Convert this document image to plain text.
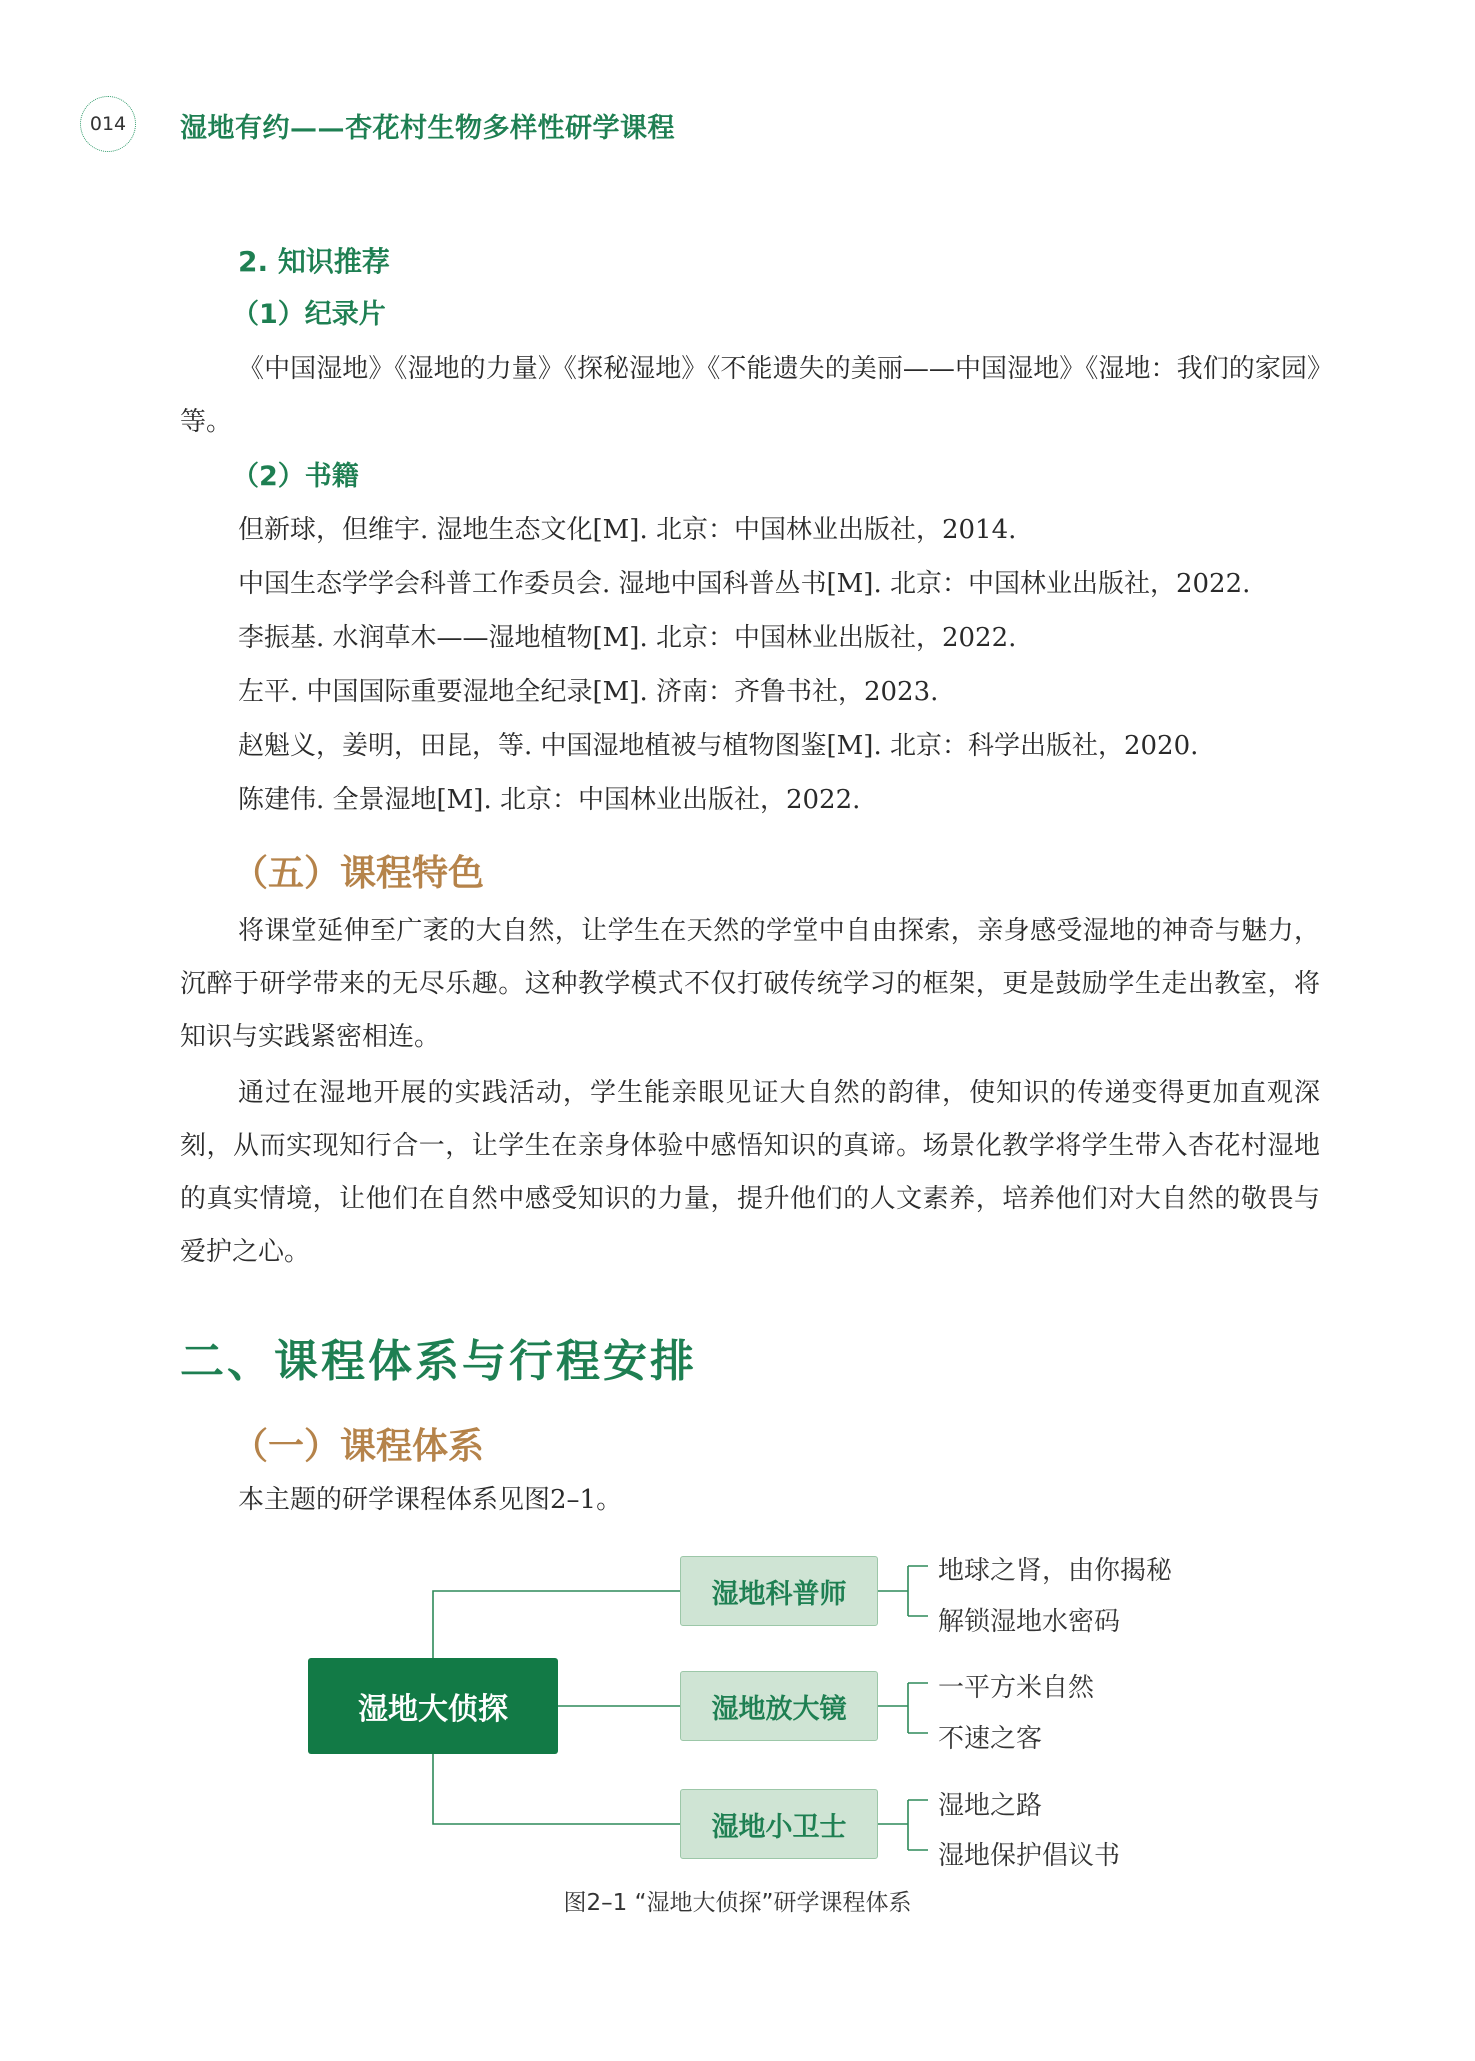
014	湿地有约——杏花村生物多样性研学课程
2. 知识推荐
（1）纪录片

《中国湿地》《湿地的力量》《探秘湿地》《不能遗失的美丽——中国湿地》《湿地：我们的家园》等。

（2）书籍
但新球，但维宇. 湿地生态文化[M]. 北京：中国林业出版社，2014.
中国生态学学会科普工作委员会. 湿地中国科普丛书[M]. 北京：中国林业出版社，2022.
李振基. 水润草木——湿地植物[M]. 北京：中国林业出版社，2022.
左平. 中国国际重要湿地全纪录[M]. 济南：齐鲁书社，2023.
赵魁义，姜明，田昆，等. 中国湿地植被与植物图鉴[M]. 北京：科学出版社，2020.
陈建伟. 全景湿地[M]. 北京：中国林业出版社，2022.
（五）课程特色

将课堂延伸至广袤的大自然，让学生在天然的学堂中自由探索，亲身感受湿地的神奇与魅力，沉醉于研学带来的无尽乐趣。这种教学模式不仅打破传统学习的框架，更是鼓励学生走出教室，将知识与实践紧密相连。

通过在湿地开展的实践活动，学生能亲眼见证大自然的韵律，使知识的传递变得更加直观深刻，从而实现知行合一，让学生在亲身体验中感悟知识的真谛。场景化教学将学生带入杏花村湿地的真实情境，让他们在自然中感受知识的力量，提升他们的人文素养，培养他们对大自然的敬畏与爱护之心。

二、课程体系与行程安排
（一）课程体系
本主题的研学课程体系见图2–1。
湿地大侦探
湿地科普师
湿地放大镜
湿地小卫士
地球之肾，由你揭秘
解锁湿地水密码
一平方米自然
不速之客
湿地之路
湿地保护倡议书
图2–1 “湿地大侦探”研学课程体系
